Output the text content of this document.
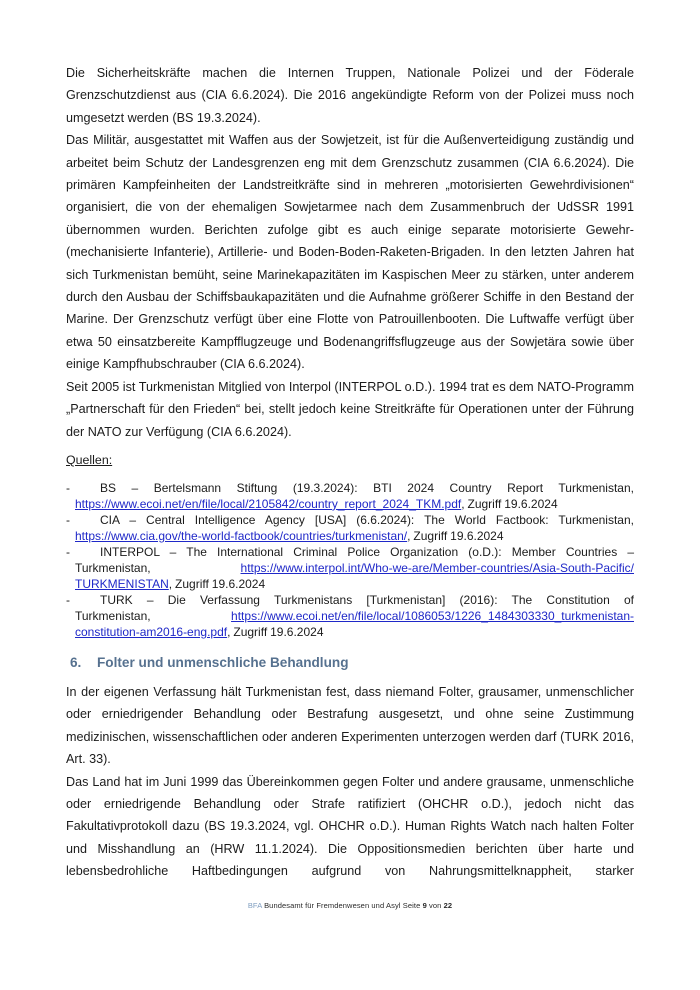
Die Sicherheitskräfte machen die Internen Truppen, Nationale Polizei und der Föderale Grenzschutzdienst aus (CIA 6.6.2024). Die 2016 angekündigte Reform von der Polizei muss noch umgesetzt werden (BS 19.3.2024).

Das Militär, ausgestattet mit Waffen aus der Sowjetzeit, ist für die Außenverteidigung zuständig und arbeitet beim Schutz der Landesgrenzen eng mit dem Grenzschutz zusammen (CIA 6.6.2024). Die primären Kampfeinheiten der Landstreitkräfte sind in mehreren „motorisierten Gewehrdivisionen“ organisiert, die von der ehemaligen Sowjetarmee nach dem Zusammenbruch der UdSSR 1991 übernommen wurden. Berichten zufolge gibt es auch einige separate motorisierte Gewehr- (mechanisierte Infanterie), Artillerie- und Boden-Boden-Raketen-Brigaden. In den letzten Jahren hat sich Turkmenistan bemüht, seine Marinekapazitäten im Kaspischen Meer zu stärken, unter anderem durch den Ausbau der Schiffsbaukapazitäten und die Aufnahme größerer Schiffe in den Bestand der Marine. Der Grenzschutz verfügt über eine Flotte von Patrouillenbooten. Die Luftwaffe verfügt über etwa 50 einsatzbereite Kampfflugzeuge und Bodenangriffsflugzeuge aus der Sowjetära sowie über einige Kampfhubschrauber (CIA 6.6.2024).

Seit 2005 ist Turkmenistan Mitglied von Interpol (INTERPOL o.D.). 1994 trat es dem NATO-Programm „Partnerschaft für den Frieden“ bei, stellt jedoch keine Streitkräfte für Operationen unter der Führung der NATO zur Verfügung (CIA 6.6.2024).

Quellen:
-	BS – Bertelsmann Stiftung (19.3.2024): BTI 2024 Country Report Turkmenistan,
https://www.ecoi.net/en/file/local/2105842/country_report_2024_TKM.pdf, Zugriff 19.6.2024
-	CIA – Central Intelligence Agency [USA] (6.6.2024): The World Factbook: Turkmenistan,
https://www.cia.gov/the-world-factbook/countries/turkmenistan/, Zugriff 19.6.2024
-	INTERPOL – The International Criminal Police Organization (o.D.): Member Countries –
Turkmenistan, https://www.interpol.int/Who-we-are/Member-countries/Asia-South-Pacific/
TURKMENISTAN, Zugriff 19.6.2024
-	TURK – Die Verfassung Turkmenistans [Turkmenistan] (2016): The Constitution of
Turkmenistan, https://www.ecoi.net/en/file/local/1086053/1226_1484303330_turkmenistan-
constitution-am2016-eng.pdf, Zugriff 19.6.2024
6. Folter und unmenschliche Behandlung

In der eigenen Verfassung hält Turkmenistan fest, dass niemand Folter, grausamer, unmenschlicher oder erniedrigender Behandlung oder Bestrafung ausgesetzt, und ohne seine Zustimmung medizinischen, wissenschaftlichen oder anderen Experimenten unterzogen werden darf (TURK 2016, Art. 33).

Das Land hat im Juni 1999 das Übereinkommen gegen Folter und andere grausame, unmenschliche oder erniedrigende Behandlung oder Strafe ratifiziert (OHCHR o.D.), jedoch nicht das Fakultativprotokoll dazu (BS 19.3.2024, vgl. OHCHR o.D.). Human Rights Watch nach halten Folter und Misshandlung an (HRW 11.1.2024). Die Oppositionsmedien berichten über harte und lebensbedrohliche Haftbedingungen aufgrund von Nahrungsmittelknappheit, starker

BFA Bundesamt für Fremdenwesen und Asyl Seite 9 von 22
